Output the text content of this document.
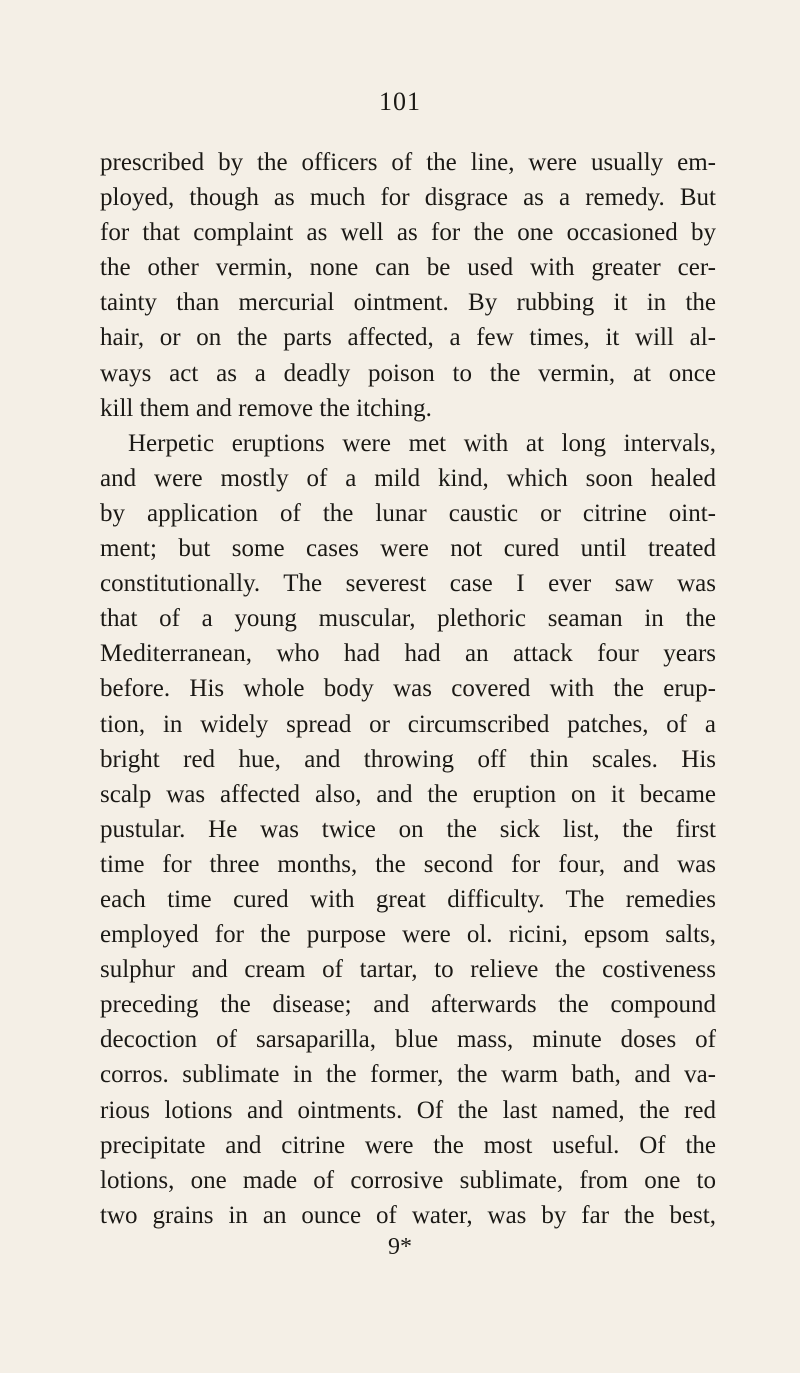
101
prescribed by the officers of the line, were usually em-
ployed, though as much for disgrace as a remedy. But
for that complaint as well as for the one occasioned by
the other vermin, none can be used with greater cer-
tainty than mercurial ointment. By rubbing it in the
hair, or on the parts affected, a few times, it will al-
ways act as a deadly poison to the vermin, at once
kill them and remove the itching.
Herpetic eruptions were met with at long intervals,
and were mostly of a mild kind, which soon healed
by application of the lunar caustic or citrine oint-
ment; but some cases were not cured until treated
constitutionally. The severest case I ever saw was
that of a young muscular, plethoric seaman in the
Mediterranean, who had had an attack four years
before. His whole body was covered with the erup-
tion, in widely spread or circumscribed patches, of a
bright red hue, and throwing off thin scales. His
scalp was affected also, and the eruption on it became
pustular. He was twice on the sick list, the first
time for three months, the second for four, and was
each time cured with great difficulty. The remedies
employed for the purpose were ol. ricini, epsom salts,
sulphur and cream of tartar, to relieve the costiveness
preceding the disease; and afterwards the compound
decoction of sarsaparilla, blue mass, minute doses of
corros. sublimate in the former, the warm bath, and va-
rious lotions and ointments. Of the last named, the red
precipitate and citrine were the most useful. Of the
lotions, one made of corrosive sublimate, from one to
two grains in an ounce of water, was by far the best,
9*
